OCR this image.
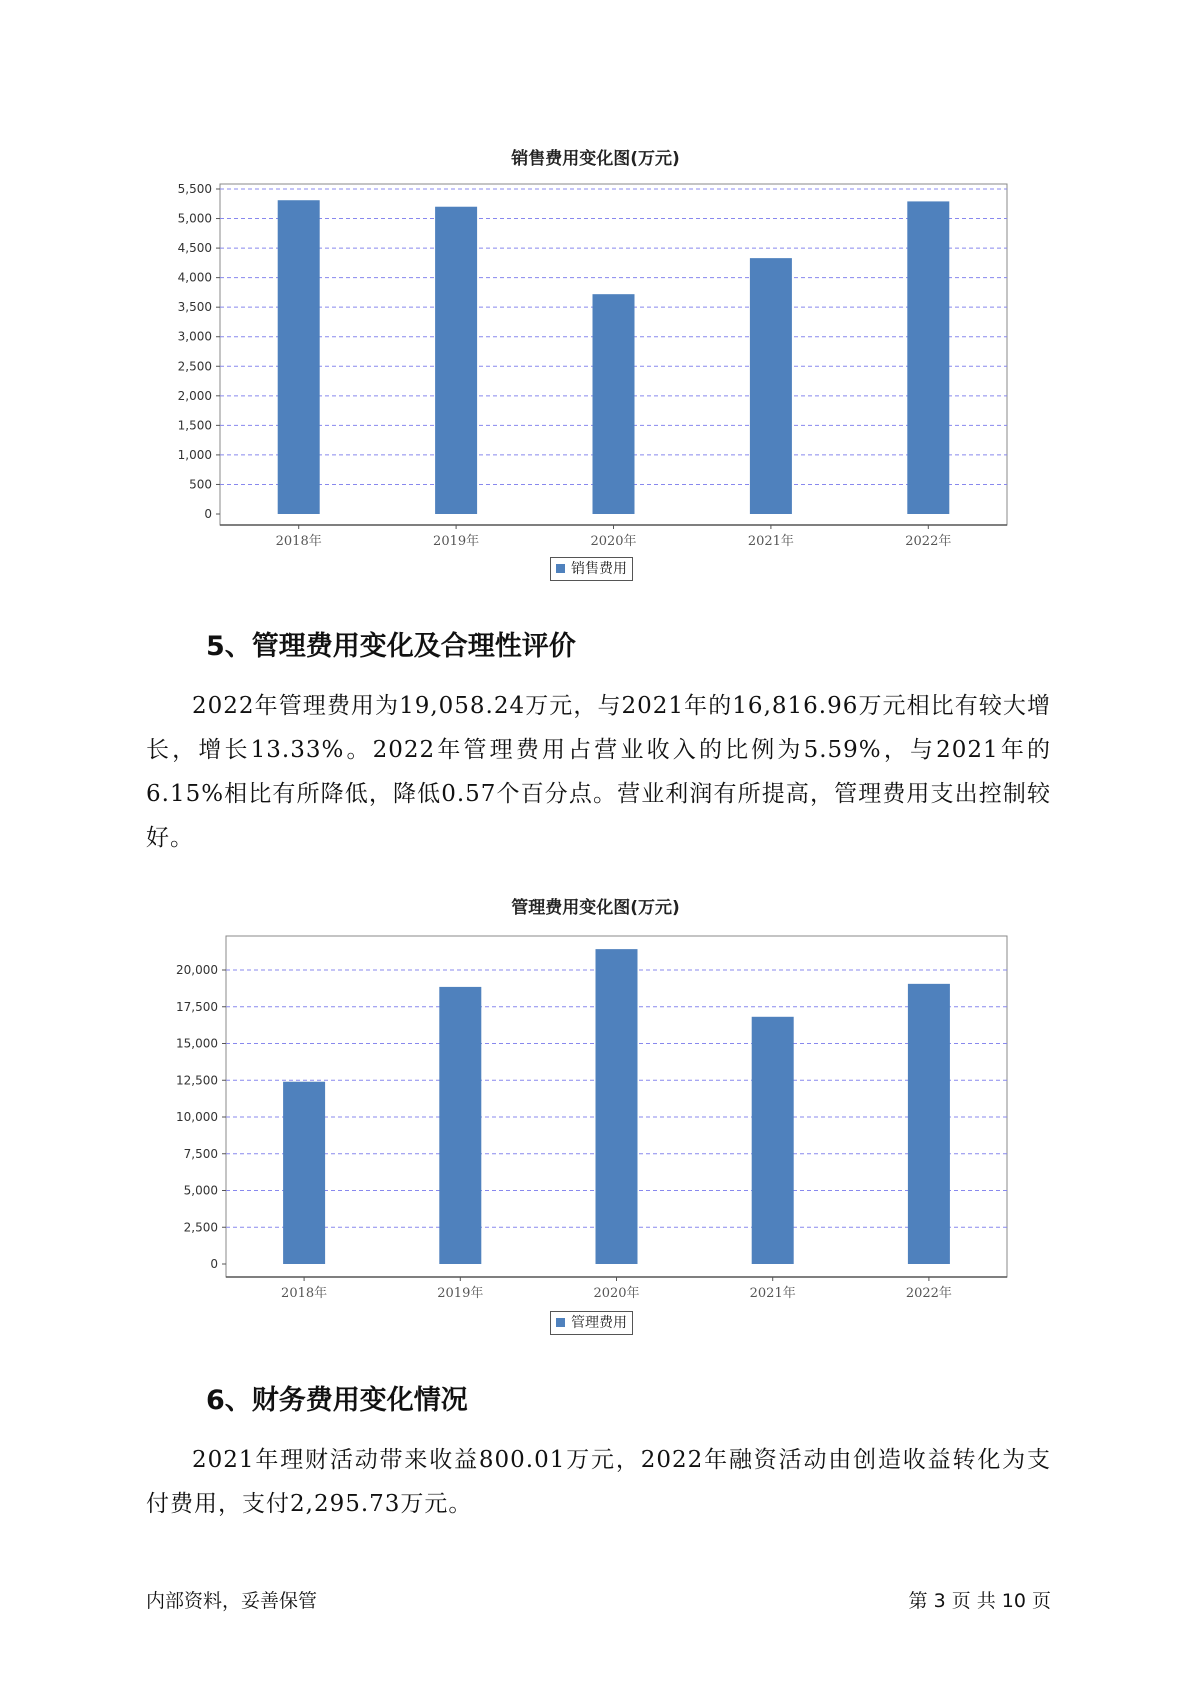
销售费用变化图(万元)
0
500
1,000
1,500
2,000
2,500
3,000
3,500
4,000
4,500
5,000
5,500
2018年	2019年	2020年	2021年	2022年
销售费用
5、管理费用变化及合理性评价

2022年管理费用为19,058.24万元，与2021年的16,816.96万元相比有较大增长，增长13.33%。2022年管理费用占营业收入的比例为5.59%，与2021年的6.15%相比有所降低，降低0.57个百分点。营业利润有所提高，管理费用支出控制较好。

管理费用变化图(万元)
0
2,500
5,000
7,500
10,000
12,500
15,000
17,500
20,000
2018年	2019年	2020年	2021年	2022年
管理费用
6、财务费用变化情况

2021年理财活动带来收益800.01万元，2022年融资活动由创造收益转化为支付费用，支付2,295.73万元。

内部资料，妥善保管	第 3 页 共 10 页
